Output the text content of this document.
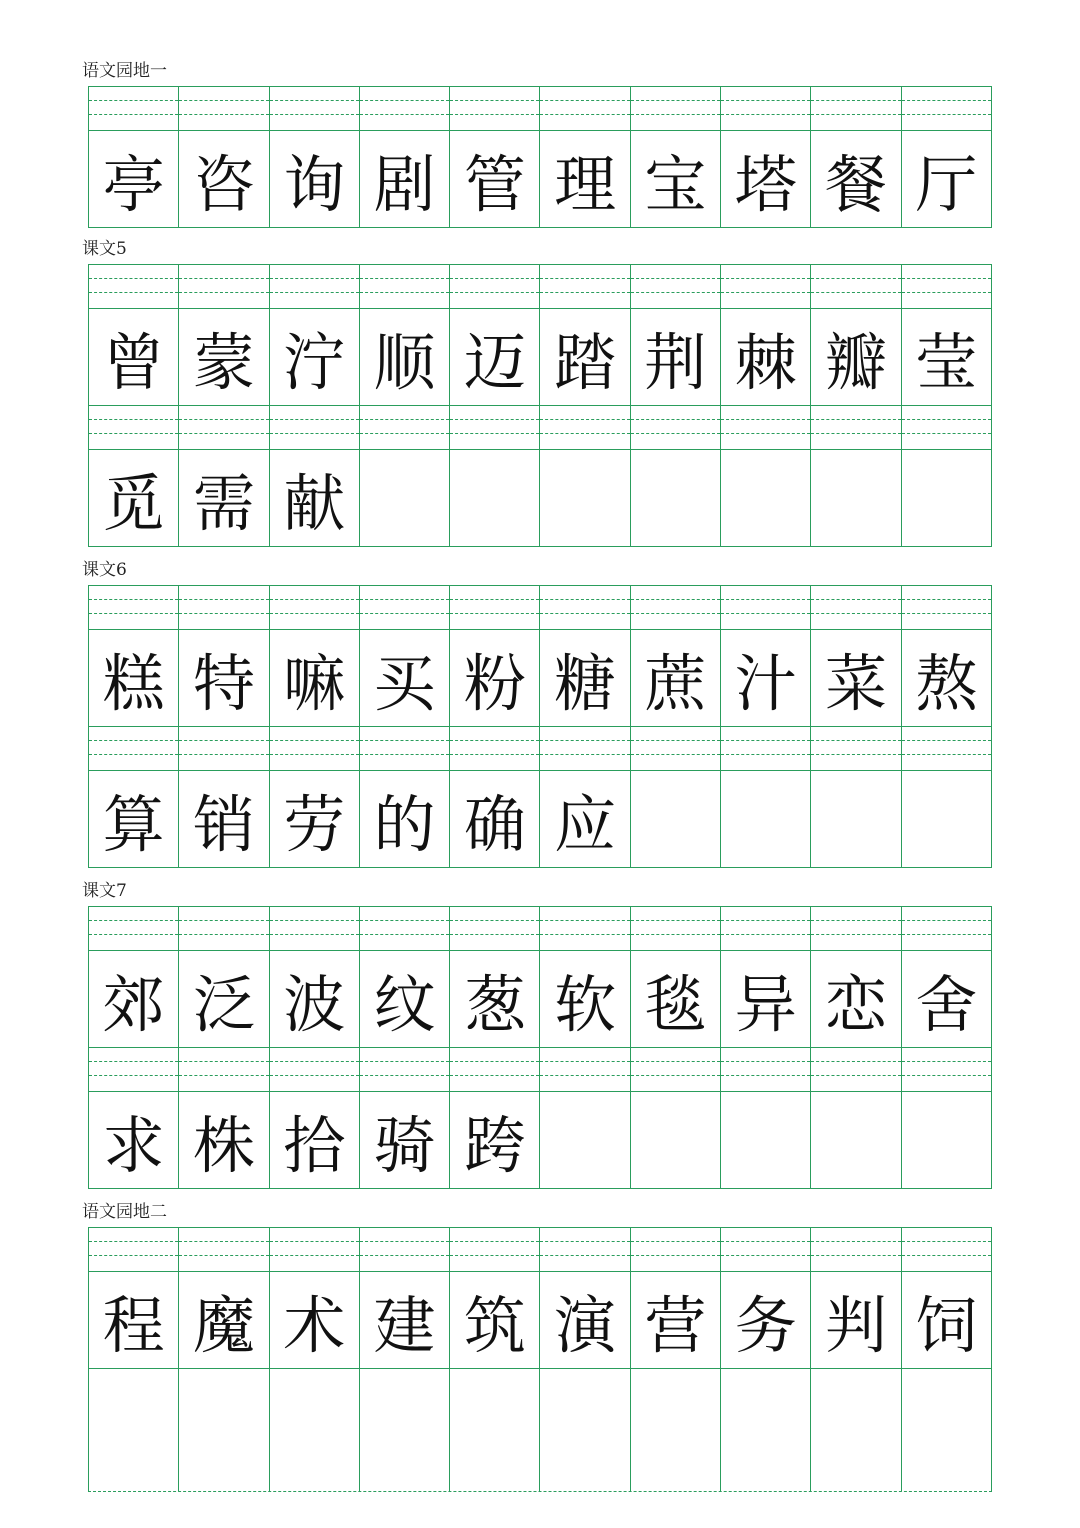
语文园地一
亭 咨 询 剧 管 理 宝 塔 餐 厅
课文5
曾 蒙 泞 顺 迈 踏 荆 棘 瓣 莹
觅 需 献
课文6
糕 特 嘛 买 粉 糖 蔗 汁 菜 熬
算 销 劳 的 确 应
课文7
郊 泛 波 纹 葱 软 毯 异 恋 舍
求 株 拾 骑 跨
语文园地二
程 魔 术 建 筑 演 营 务 判 饲
